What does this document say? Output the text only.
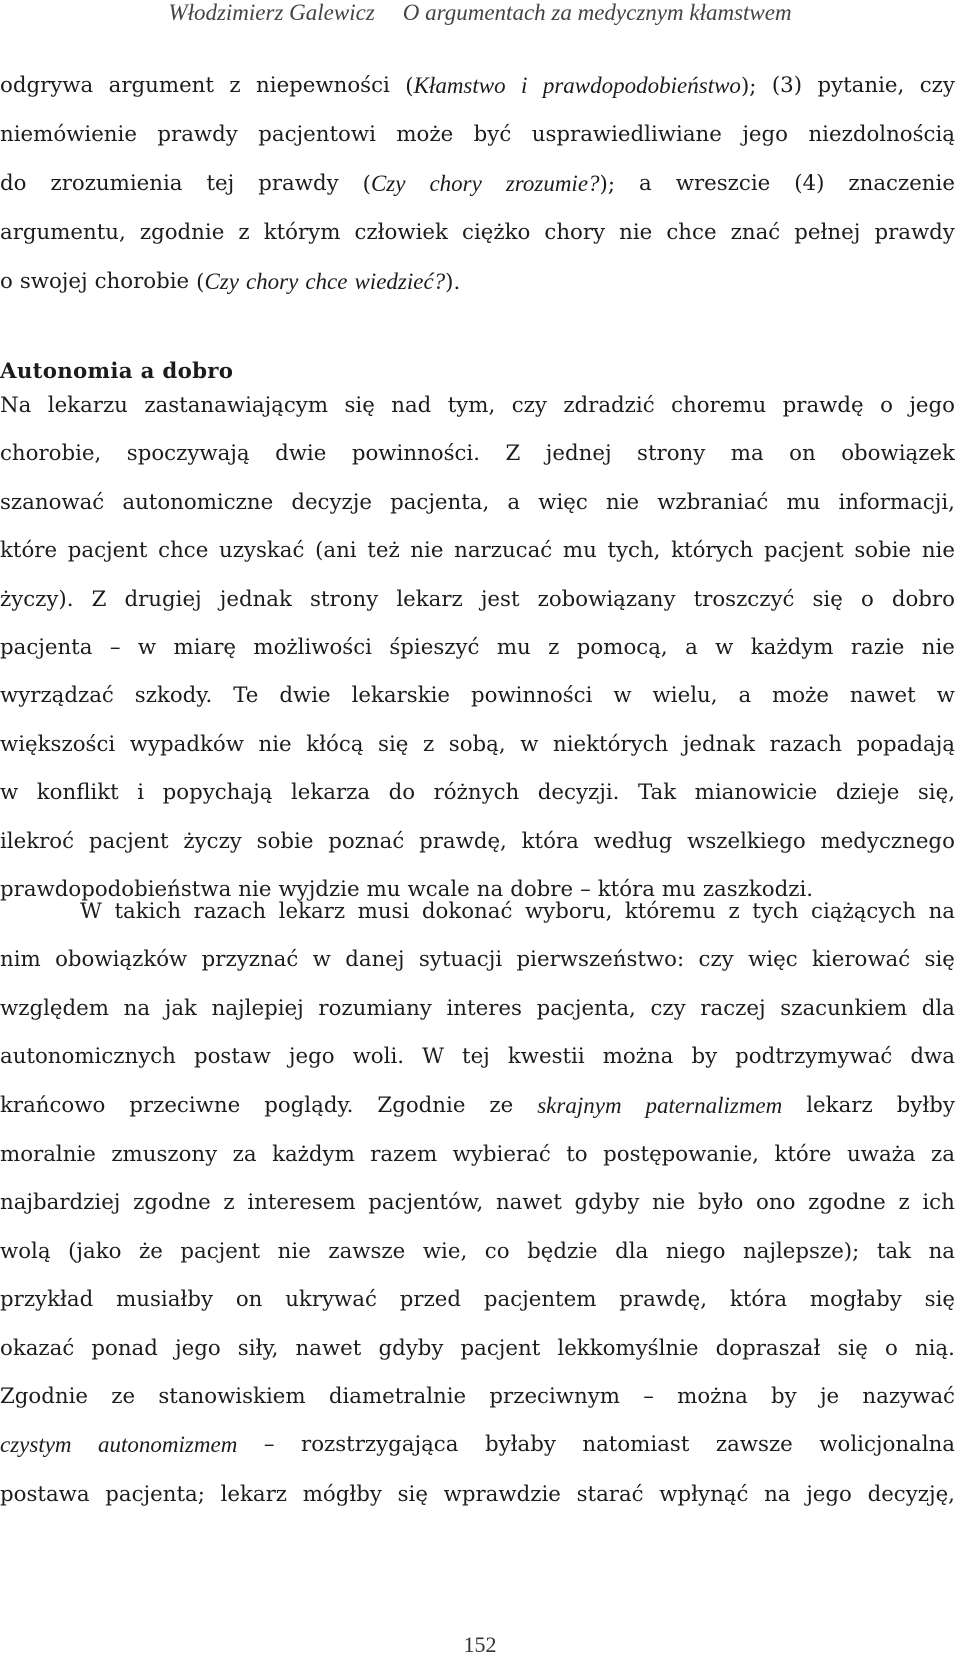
Włodzimierz Galewicz O argumentach za medycznym kłamstwem
odgrywa argument z niepewności (Kłamstwo i prawdopodobieństwo); (3) pytanie, czy
niemówienie prawdy pacjentowi może być usprawiedliwiane jego niezdolnością
do zrozumienia tej prawdy (Czy chory zrozumie?); a wreszcie (4) znaczenie
argumentu, zgodnie z którym człowiek ciężko chory nie chce znać pełnej prawdy
o swojej chorobie (Czy chory chce wiedzieć?).
Autonomia a dobro
Na lekarzu zastanawiającym się nad tym, czy zdradzić choremu prawdę o jego
chorobie, spoczywają dwie powinności. Z jednej strony ma on obowiązek
szanować autonomiczne decyzje pacjenta, a więc nie wzbraniać mu informacji,
które pacjent chce uzyskać (ani też nie narzucać mu tych, których pacjent sobie nie
życzy). Z drugiej jednak strony lekarz jest zobowiązany troszczyć się o dobro
pacjenta – w miarę możliwości śpieszyć mu z pomocą, a w każdym razie nie
wyrządzać szkody. Te dwie lekarskie powinności w wielu, a może nawet w
większości wypadków nie kłócą się z sobą, w niektórych jednak razach popadają
w konflikt i popychają lekarza do różnych decyzji. Tak mianowicie dzieje się,
ilekroć pacjent życzy sobie poznać prawdę, która według wszelkiego medycznego
prawdopodobieństwa nie wyjdzie mu wcale na dobre – która mu zaszkodzi.
W takich razach lekarz musi dokonać wyboru, któremu z tych ciążących na
nim obowiązków przyznać w danej sytuacji pierwszeństwo: czy więc kierować się
względem na jak najlepiej rozumiany interes pacjenta, czy raczej szacunkiem dla
autonomicznych postaw jego woli. W tej kwestii można by podtrzymywać dwa
krańcowo przeciwne poglądy. Zgodnie ze skrajnym paternalizmem lekarz byłby
moralnie zmuszony za każdym razem wybierać to postępowanie, które uważa za
najbardziej zgodne z interesem pacjentów, nawet gdyby nie było ono zgodne z ich
wolą (jako że pacjent nie zawsze wie, co będzie dla niego najlepsze); tak na
przykład musiałby on ukrywać przed pacjentem prawdę, która mogłaby się
okazać ponad jego siły, nawet gdyby pacjent lekkomyślnie dopraszał się o nią.
Zgodnie ze stanowiskiem diametralnie przeciwnym – można by je nazywać
czystym autonomizmem – rozstrzygająca byłaby natomiast zawsze wolicjonalna
postawa pacjenta; lekarz mógłby się wprawdzie starać wpłynąć na jego decyzję,
152
